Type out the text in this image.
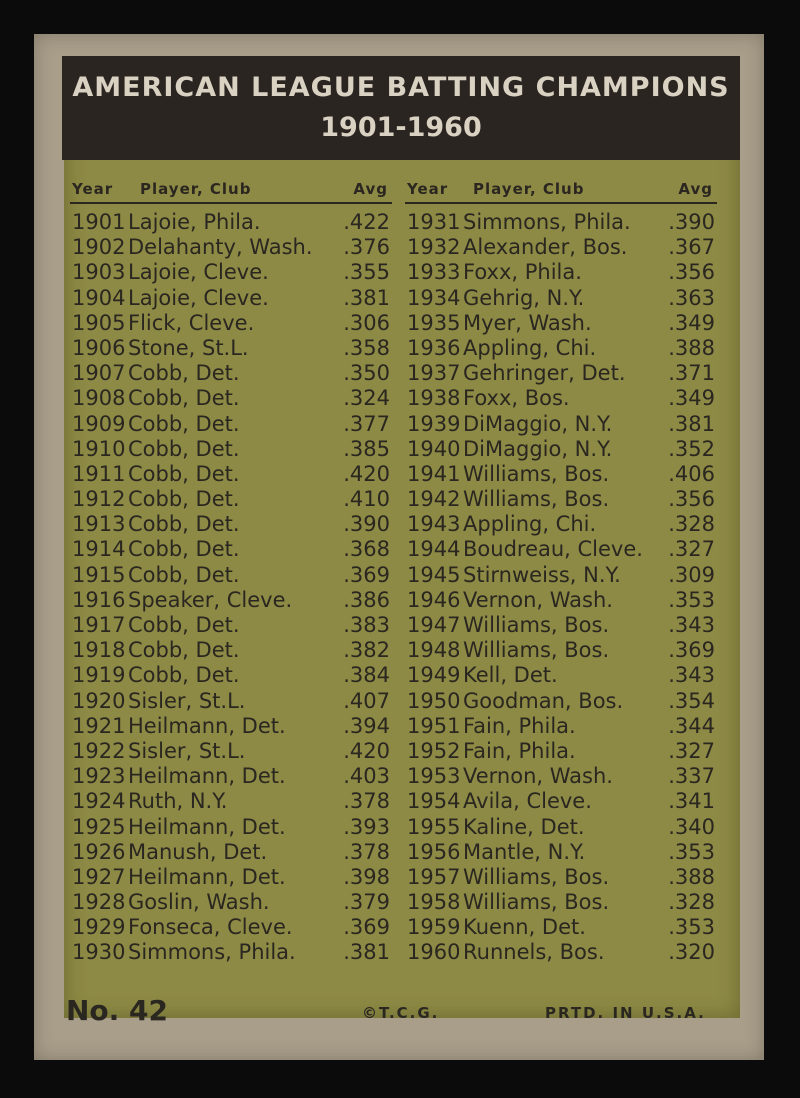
AMERICAN LEAGUE BATTING CHAMPIONS
1901-1960
Year Player, Club	Avg
1901 Lajoie, Phila.	.422
1902 Delahanty, Wash. .376
1903 Lajoie, Cleve.	.355
1904 Lajoie, Cleve.	.381
1905 Flick, Cleve.	.306
1906 Stone, St.L.	.358
1907 Cobb, Det.	.350
1908 Cobb, Det.	.324
1909 Cobb, Det.	.377
1910 Cobb, Det.	.385
1911 Cobb, Det.	.420
1912 Cobb, Det.	.410
1913 Cobb, Det.	.390
1914 Cobb, Det.	.368
1915 Cobb, Det.	.369
1916 Speaker, Cleve. .386
1917 Cobb, Det.	.383
1918 Cobb, Det.	.382
1919 Cobb, Det.	.384
1920 Sisler, St.L.	.407
1921 Heilmann, Det.	.394
1922 Sisler, St.L.	.420
1923 Heilmann, Det.	.403
1924 Ruth, N.Y.	.378
1925 Heilmann, Det.	.393
1926 Manush, Det.	.378
1927 Heilmann, Det.	.398
1928 Goslin, Wash.	.379
1929 Fonseca, Cleve. .369
1930 Simmons, Phila. .381
Year Player, Club	Avg
1931 Simmons, Phila. .390
1932 Alexander, Bos. .367
1933 Foxx, Phila.	.356
1934 Gehrig, N.Y.	.363
1935 Myer, Wash.	.349
1936 Appling, Chi.	.388
1937 Gehringer, Det. .371
1938 Foxx, Bos.	.349
1939 DiMaggio, N.Y.	.381
1940 DiMaggio, N.Y.	.352
1941 Williams, Bos.	.406
1942 Williams, Bos.	.356
1943 Appling, Chi.	.328
1944 Boudreau, Cleve. .327
1945 Stirnweiss, N.Y. .309
1946 Vernon, Wash.	.353
1947 Williams, Bos.	.343
1948 Williams, Bos.	.369
1949 Kell, Det.	.343
1950 Goodman, Bos. .354
1951 Fain, Phila.	.344
1952 Fain, Phila.	.327
1953 Vernon, Wash.	.337
1954 Avila, Cleve.	.341
1955 Kaline, Det.	.340
1956 Mantle, N.Y.	.353
1957 Williams, Bos.	.388
1958 Williams, Bos.	.328
1959 Kuenn, Det.	.353
1960 Runnels, Bos.	.320
No. 42	©T.C.G.	PRTD. IN U.S.A.
